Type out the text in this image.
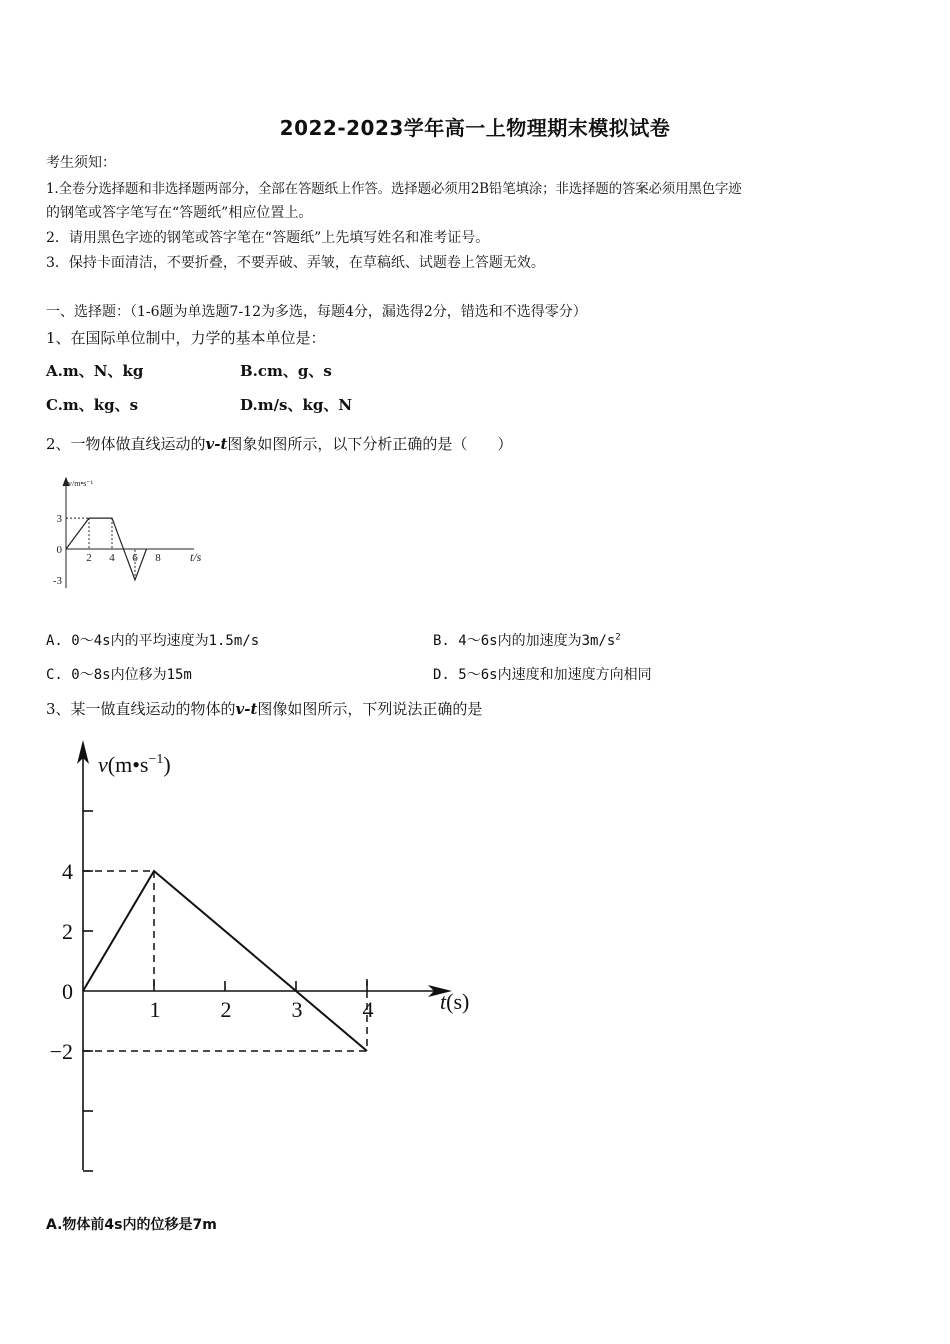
2022-2023学年高一上物理期末模拟试卷
考生须知：
1.全卷分选择题和非选择题两部分，全部在答题纸上作答。选择题必须用2B铅笔填涂；非选择题的答案必须用黑色字迹
的钢笔或答字笔写在“答题纸”相应位置上。
2．请用黑色字迹的钢笔或答字笔在“答题纸”上先填写姓名和准考证号。
3．保持卡面清洁，不要折叠，不要弄破、弄皱，在草稿纸、试题卷上答题无效。
一、选择题：（1-6题为单选题7-12为多选，每题4分，漏选得2分，错选和不选得零分）
1、在国际单位制中，力学的基本单位是：
A.m、N、kg	B.cm、g、s
C.m、kg、s	D.m/s、kg、N
2、一物体做直线运动的v-t图象如图所示，以下分析正确的是（　　）
v/m•s⁻¹
t/s
3
0
-3
2 4 6 8
A. 0～4s内的平均速度为1.5m/s	B. 4～6s内的加速度为$3m/s^2$
C. 0～8s内位移为15m	D. 5～6s内速度和加速度方向相同
3、某一做直线运动的物体的v-t图像如图所示，下列说法正确的是
$v(m•s^{-1})$
t(s)
4
2
0
−2
1	2	3	4
A.物体前4s内的位移是7m
